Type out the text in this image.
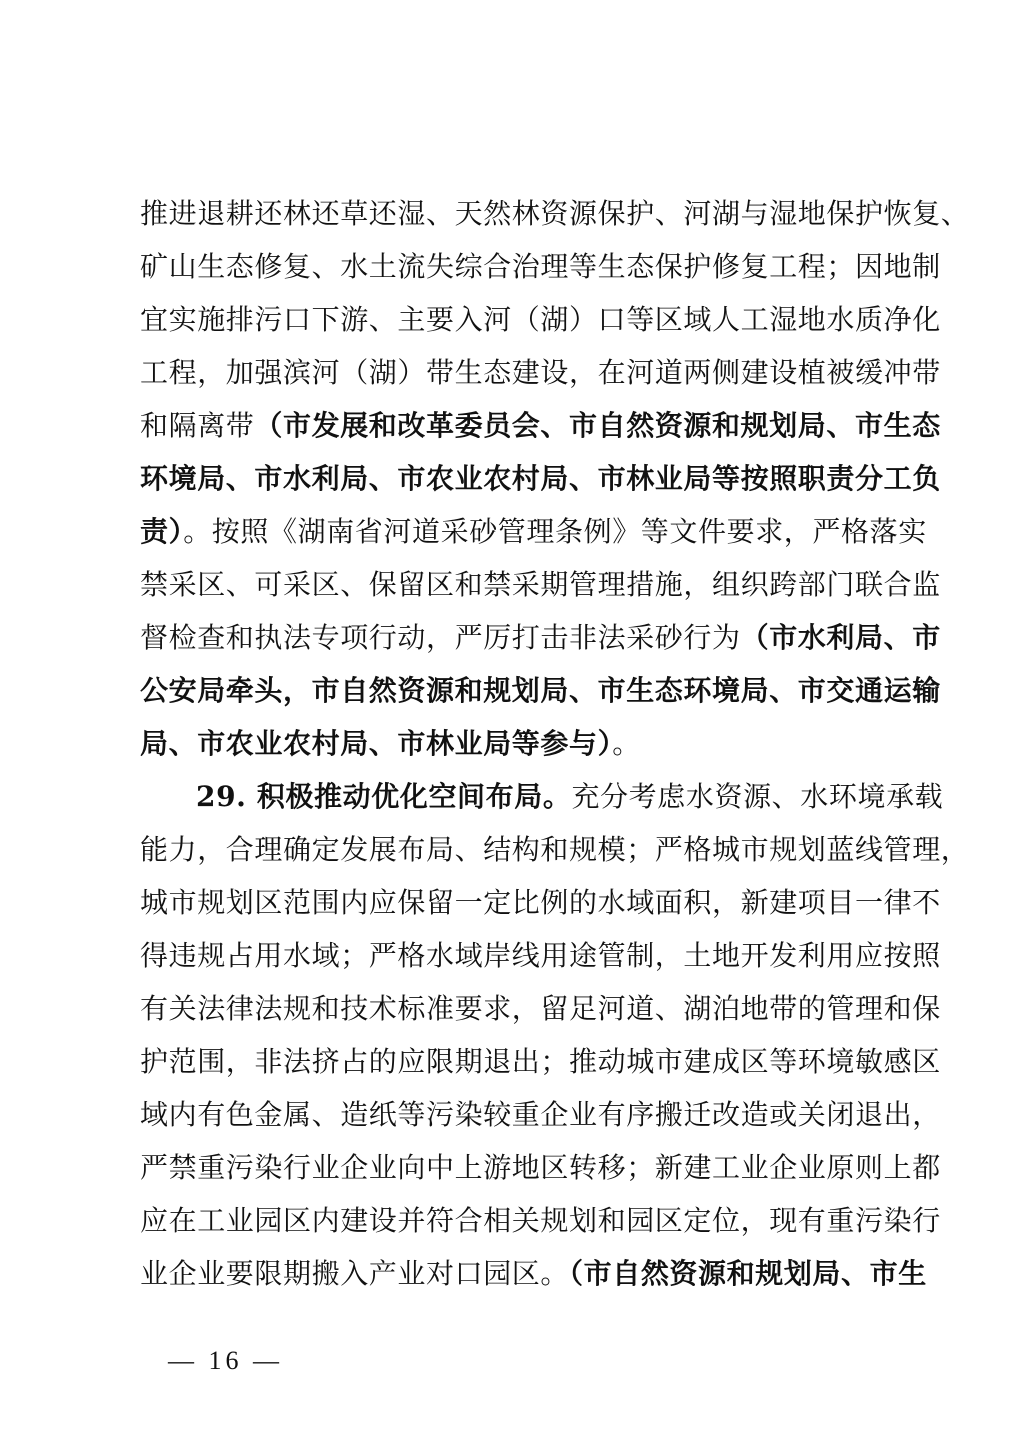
推进退耕还林还草还湿、天然林资源保护、河湖与湿地保护恢复、
矿山生态修复、水土流失综合治理等生态保护修复工程；因地制
宜实施排污口下游、主要入河（湖）口等区域人工湿地水质净化
工程，加强滨河（湖）带生态建设，在河道两侧建设植被缓冲带
和隔离带（市发展和改革委员会、市自然资源和规划局、市生态
环境局、市水利局、市农业农村局、市林业局等按照职责分工负
责）。按照《湖南省河道采砂管理条例》等文件要求，严格落实
禁采区、可采区、保留区和禁采期管理措施，组织跨部门联合监
督检查和执法专项行动，严厉打击非法采砂行为（市水利局、市
公安局牵头，市自然资源和规划局、市生态环境局、市交通运输
局、市农业农村局、市林业局等参与）。
29. 积极推动优化空间布局。充分考虑水资源、水环境承载
能力，合理确定发展布局、结构和规模；严格城市规划蓝线管理，
城市规划区范围内应保留一定比例的水域面积，新建项目一律不
得违规占用水域；严格水域岸线用途管制，土地开发利用应按照
有关法律法规和技术标准要求，留足河道、湖泊地带的管理和保
护范围，非法挤占的应限期退出；推动城市建成区等环境敏感区
域内有色金属、造纸等污染较重企业有序搬迁改造或关闭退出，
严禁重污染行业企业向中上游地区转移；新建工业企业原则上都
应在工业园区内建设并符合相关规划和园区定位，现有重污染行
业企业要限期搬入产业对口园区。（市自然资源和规划局、市生
— 16 —
